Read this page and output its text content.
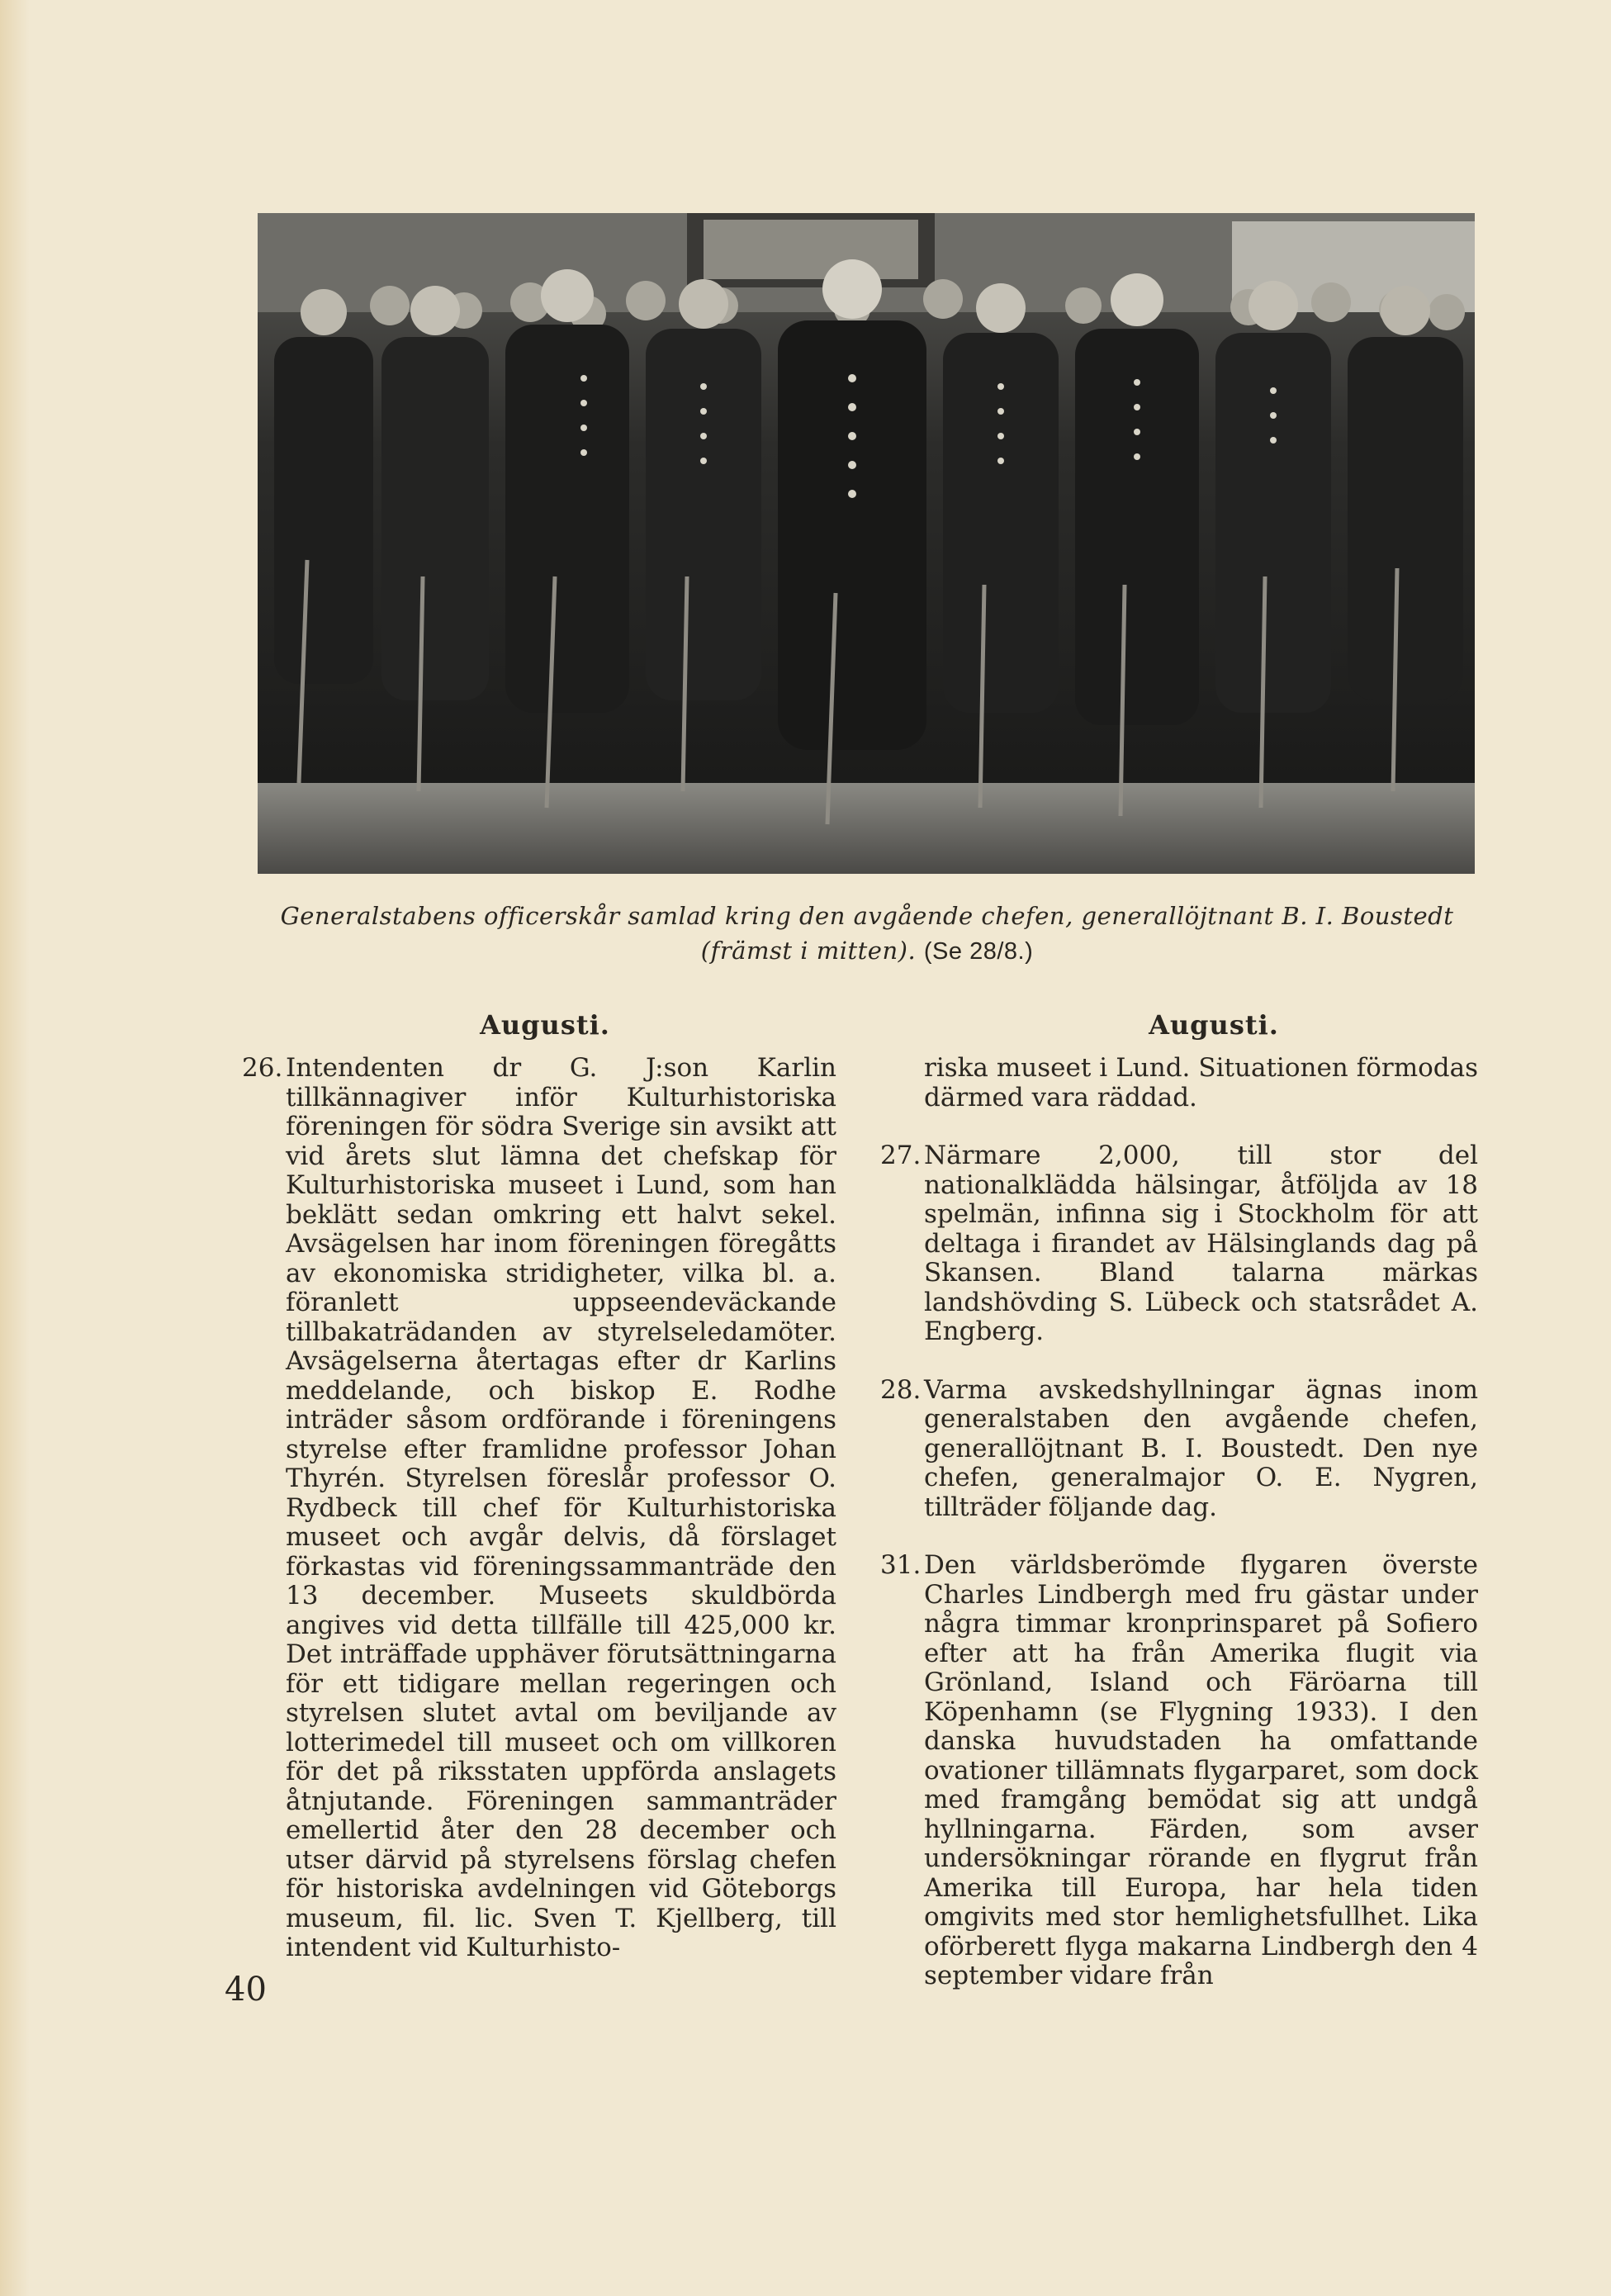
Generalstabens officerskår samlad kring den avgående chefen, generallöjtnant B. I. Boustedt (främst i mitten). (Se 28/8.)
Augusti.	Augusti.
26. Intendenten dr G. J:son Karlin tillkännagiver inför Kulturhistoriska föreningen för södra Sverige sin avsikt att vid årets slut lämna det chefskap för Kulturhistoriska museet i Lund, som han beklätt sedan omkring ett halvt sekel. Avsägelsen har inom föreningen föregåtts av ekonomiska stridigheter, vilka bl. a. föranlett uppseendeväckande tillbakaträdanden av styrelseledamöter. Avsägelserna återtagas efter dr Karlins meddelande, och biskop E. Rodhe inträder såsom ordförande i föreningens styrelse efter framlidne professor Johan Thyrén. Styrelsen föreslår professor O. Rydbeck till chef för Kulturhistoriska museet och avgår delvis, då förslaget förkastas vid föreningssammanträde den 13 december. Museets skuldbörda angives vid detta tillfälle till 425,000 kr. Det inträffade upphäver förutsättningarna för ett tidigare mellan regeringen och styrelsen slutet avtal om beviljande av lotterimedel till museet och om villkoren för det på riksstaten uppförda anslagets åtnjutande. Föreningen sammanträder emellertid åter den 28 december och utser därvid på styrelsens förslag chefen för historiska avdelningen vid Göteborgs museum, fil. lic. Sven T. Kjellberg, till intendent vid Kulturhisto-
riska museet i Lund. Situationen förmodas därmed vara räddad.
27. Närmare 2,000, till stor del nationalklädda hälsingar, åtföljda av 18 spelmän, infinna sig i Stockholm för att deltaga i firandet av Hälsinglands dag på Skansen. Bland talarna märkas landshövding S. Lübeck och statsrådet A. Engberg.
28. Varma avskedshyllningar ägnas inom generalstaben den avgående chefen, generallöjtnant B. I. Boustedt. Den nye chefen, generalmajor O. E. Nygren, tillträder följande dag.
31. Den världsberömde flygaren överste Charles Lindbergh med fru gästar under några timmar kronprinsparet på Sofiero efter att ha från Amerika flugit via Grönland, Island och Färöarna till Köpenhamn (se Flygning 1933). I den danska huvudstaden ha omfattande ovationer tillämnats flygarparet, som dock med framgång bemödat sig att undgå hyllningarna. Färden, som avser undersökningar rörande en flygrut från Amerika till Europa, har hela tiden omgivits med stor hemlighetsfullhet. Lika oförberett flyga makarna Lindbergh den 4 september vidare från
40
